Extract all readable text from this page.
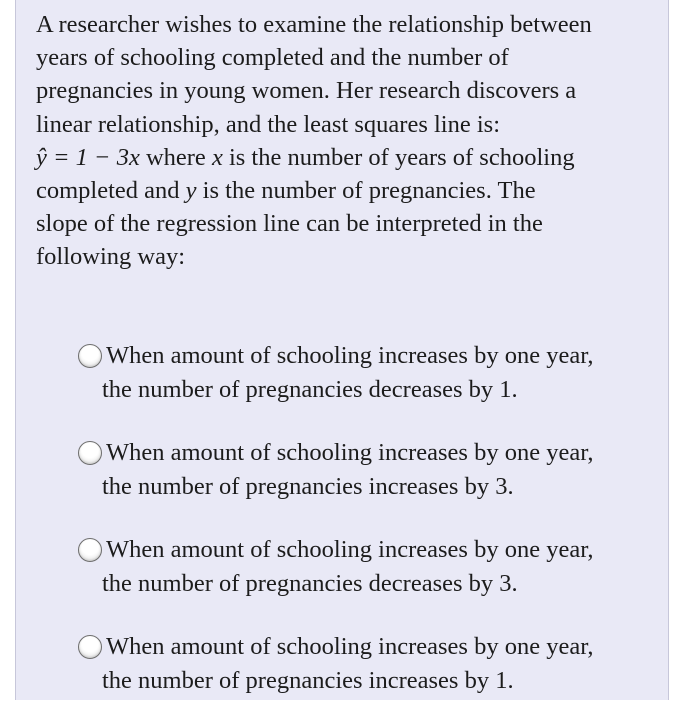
A researcher wishes to examine the relationship between
years of schooling completed and the number of
pregnancies in young women. Her research discovers a
linear relationship, and the least squares line is:
ŷ = 1 − 3x where x is the number of years of schooling
completed and y is the number of pregnancies. The
slope of the regression line can be interpreted in the
following way:
When amount of schooling increases by one year,
the number of pregnancies decreases by 1.
When amount of schooling increases by one year,
the number of pregnancies increases by 3.
When amount of schooling increases by one year,
the number of pregnancies decreases by 3.
When amount of schooling increases by one year,
the number of pregnancies increases by 1.
